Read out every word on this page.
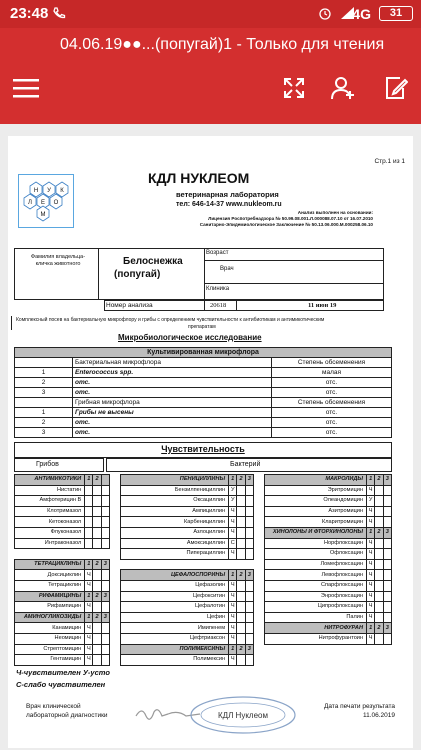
23:48	4G	31
04.06.19●●...(попугай)1 - Только для чтения
Стр.1 из 1
Н У К
Л Е О
М
КДЛ НУКЛЕОМ
ветеринарная лаборатория
тел: 646-14-37 www.nukleom.ru
Анализ выполнен на основании:
Лицензия Роспотребнадзора № 50.99.08.001.Л.000088.07.10 от 16.07.2010
Санитарно-Эпидемиологическое Заключение № 50.13.06.000.М.000258.06.10
Фамилия владельца- кличка животного	Белоснежка
(попугай)
Возраст
Врач
Клиника
Номер анализа	20618	11 июн 19
Комплексный посев на бактериальную микрофлору и грибы с определением чувствительности к антибиотикам и антимикотическим
препаратам
Микробиологическое исследование
Культивированная микрофлора		
	Бактериальная микрофлора	Степень обсеменения
1	Enterococcus spp.	малая
2	отс.	отс.
3	отс.	отс.
	Грибная микрофлора	Степень обсеменения
1	Грибы не высены	отс.
2	отс.	отс.
3	отс.	отс.
Чувствительность
Грибов	Бактерий
АНТИМИКОТИКИ	1	2	
Нистатин			
Амфотерицин В			
Клотримазол			
Кетоконазол			
Флуконазол			
Интраконазол			

ТЕТРАЦИКЛИНЫ	1	2	3
Доксициклин	Ч		
Тетрациклин	Ч		
РИФАМИЦИНЫ	1	2	3
Рифампицин	Ч		
АМИНОГЛИКОЗИДЫ	1	2	3
Канамицин	Ч		
Неомицин	Ч		
Стрептомицин	Ч		
Гентамицин	Ч		
ПЕНИЦИЛЛИНЫ	1	2	3
Бензилпенициллин	У		
Оксациллин	У		
Ампициллин	Ч		
Карбенициллин	Ч		
Азлоциллин	Ч		
Амоксициллин	С		
Пиперациллин	Ч		

ЦЕФАЛОСПОРИНЫ	1	2	3
Цефазолин	Ч		
Цефокситин	Ч		
Цефалотин	Ч		
Цефин	Ч		
Имипенем	Ч		
Цефтриаксон	Ч		
ПОЛИМЕКСИНЫ	1	2	3
Полимексин	Ч		
МАКРОЛИДЫ	1	2	3
Эритромицин	Ч		
Олеандомицин	У		
Азитромицин	Ч		
Кларитромицин	Ч		
ХИНОЛОНЫ И ФТОРХИНОЛОНЫ	1	2	3
Норфлоксацин	Ч		
Офлоксацин	Ч		
Ломефлоксацин	Ч		
Левофлоксацин	Ч		
Спарфлоксацин	Ч		
Энрофлоксацин	Ч		
Ципрофлоксацин	Ч		
Палин	Ч		
НИТРОФУРАН	1	2	3
Нитрофурантоин	Ч		
Ч-чувствителен У-усто
С-слабо чувствителен
Врач клинической
лабораторной диагностики	КДЛ Нуклеом
Дата печати результата
11.06.2019
